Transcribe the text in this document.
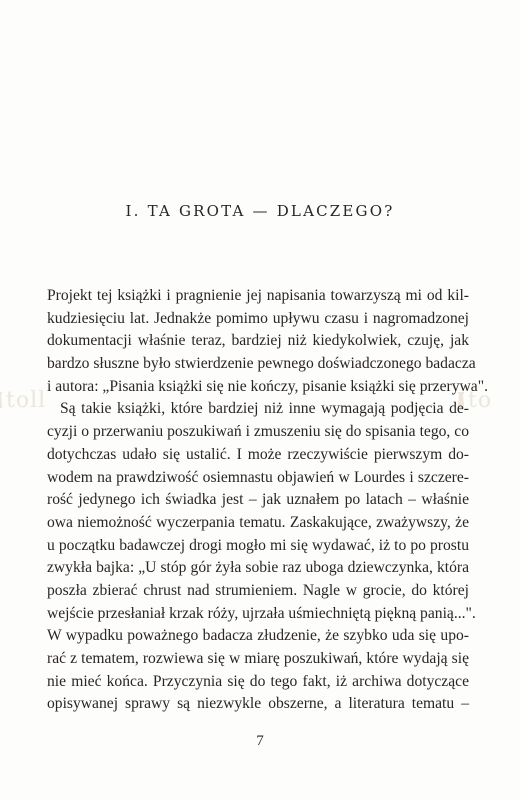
toll	to
I. TA GROTA — DLACZEGO?
Projekt tej książki i pragnienie jej napisania towarzyszą mi od kil-
kudziesięciu lat. Jednakże pomimo upływu czasu i nagromadzonej
dokumentacji właśnie teraz, bardziej niż kiedykolwiek, czuję, jak
bardzo słuszne było stwierdzenie pewnego doświadczonego badacza
i autora: „Pisania książki się nie kończy, pisanie książki się przerywa".
Są takie książki, które bardziej niż inne wymagają podjęcia de-
cyzji o przerwaniu poszukiwań i zmuszeniu się do spisania tego, co
dotychczas udało się ustalić. I może rzeczywiście pierwszym do-
wodem na prawdziwość osiemnastu objawień w Lourdes i szczere-
rość jedynego ich świadka jest – jak uznałem po latach – właśnie
owa niemożność wyczerpania tematu. Zaskakujące, zważywszy, że
u początku badawczej drogi mogło mi się wydawać, iż to po prostu
zwykła bajka: „U stóp gór żyła sobie raz uboga dziewczynka, która
poszła zbierać chrust nad strumieniem. Nagle w grocie, do której
wejście przesłaniał krzak róży, ujrzała uśmiechniętą piękną panią...".
W wypadku poważnego badacza złudzenie, że szybko uda się upo-
rać z tematem, rozwiewa się w miarę poszukiwań, które wydają się
nie mieć końca. Przyczynia się do tego fakt, iż archiwa dotyczące
opisywanej sprawy są niezwykle obszerne, a literatura tematu –
7
